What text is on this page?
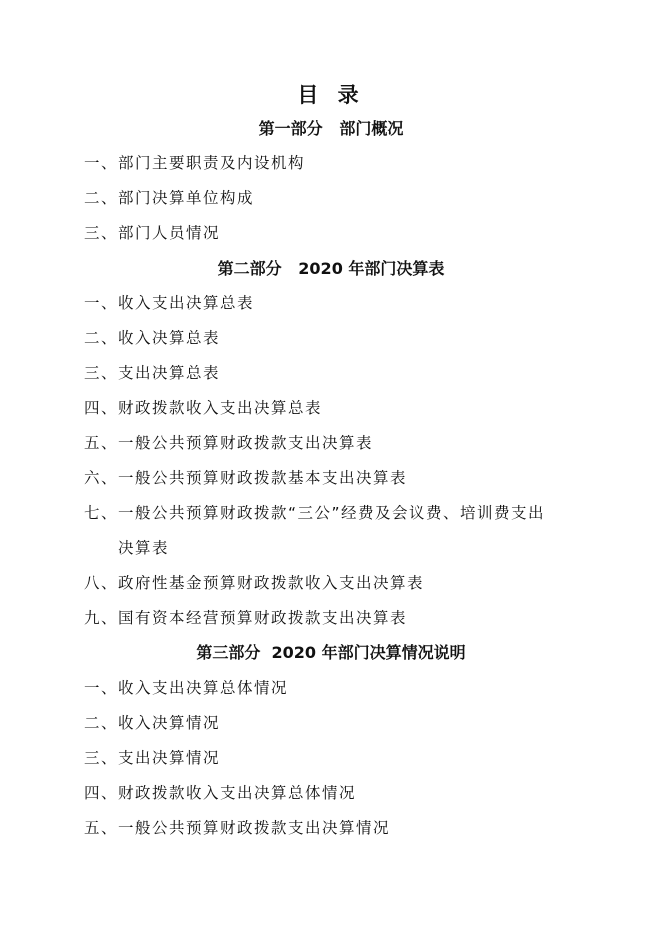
目 录
第一部分   部门概况
一、部门主要职责及内设机构
二、部门决算单位构成
三、部门人员情况
第二部分   2020 年部门决算表
一、收入支出决算总表
二、收入决算总表
三、支出决算总表
四、财政拨款收入支出决算总表
五、一般公共预算财政拨款支出决算表
六、一般公共预算财政拨款基本支出决算表
七、一般公共预算财政拨款“三公”经费及会议费、培训费支出
决算表
八、政府性基金预算财政拨款收入支出决算表
九、国有资本经营预算财政拨款支出决算表
第三部分  2020 年部门决算情况说明
一、收入支出决算总体情况
二、收入决算情况
三、支出决算情况
四、财政拨款收入支出决算总体情况
五、一般公共预算财政拨款支出决算情况
